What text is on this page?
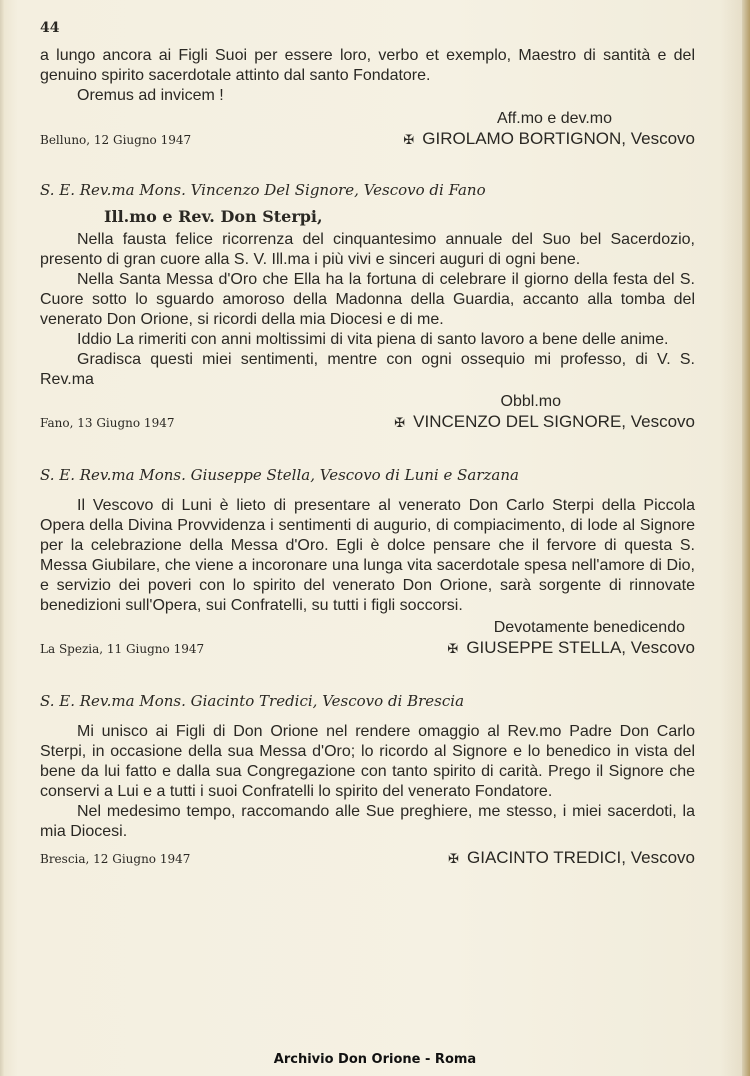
44

a lungo ancora ai Figli Suoi per essere loro, verbo et exemplo, Maestro di santità e del genuino spirito sacerdotale attinto dal santo Fondatore.

Oremus ad invicem !

Aff.mo e dev.mo

Belluno, 12 Giugno 1947	✠ GIROLAMO BORTIGNON, Vescovo

S. E. Rev.ma Mons. Vincenzo Del Signore, Vescovo di Fano

Ill.mo e Rev. Don Sterpi,

Nella fausta felice ricorrenza del cinquantesimo annuale del Suo bel Sacerdozio, presento di gran cuore alla S. V. Ill.ma i più vivi e sinceri auguri di ogni bene.

Nella Santa Messa d'Oro che Ella ha la fortuna di celebrare il giorno della festa del S. Cuore sotto lo sguardo amoroso della Madonna della Guardia, accanto alla tomba del venerato Don Orione, si ricordi della mia Diocesi e di me.

Iddio La rimeriti con anni moltissimi di vita piena di santo lavoro a bene delle anime.

Gradisca questi miei sentimenti, mentre con ogni ossequio mi professo, di V. S. Rev.ma

Obbl.mo

Fano, 13 Giugno 1947	✠ VINCENZO DEL SIGNORE, Vescovo

S. E. Rev.ma Mons. Giuseppe Stella, Vescovo di Luni e Sarzana

Il Vescovo di Luni è lieto di presentare al venerato Don Carlo Sterpi della Piccola Opera della Divina Provvidenza i sentimenti di augurio, di compiacimento, di lode al Signore per la celebrazione della Messa d'Oro. Egli è dolce pensare che il fervore di questa S. Messa Giubilare, che viene a incoronare una lunga vita sacerdotale spesa nell'amore di Dio, e servizio dei poveri con lo spirito del venerato Don Orione, sarà sorgente di rinnovate benedizioni sull'Opera, sui Confratelli, su tutti i figli soccorsi.

Devotamente benedicendo

La Spezia, 11 Giugno 1947	✠ GIUSEPPE STELLA, Vescovo

S. E. Rev.ma Mons. Giacinto Tredici, Vescovo di Brescia

Mi unisco ai Figli di Don Orione nel rendere omaggio al Rev.mo Padre Don Carlo Sterpi, in occasione della sua Messa d'Oro; lo ricordo al Signore e lo benedico in vista del bene da lui fatto e dalla sua Congregazione con tanto spirito di carità. Prego il Signore che conservi a Lui e a tutti i suoi Confratelli lo spirito del venerato Fondatore.

Nel medesimo tempo, raccomando alle Sue preghiere, me stesso, i miei sacerdoti, la mia Diocesi.

Brescia, 12 Giugno 1947	✠ GIACINTO TREDICI, Vescovo
Archivio Don Orione - Roma
